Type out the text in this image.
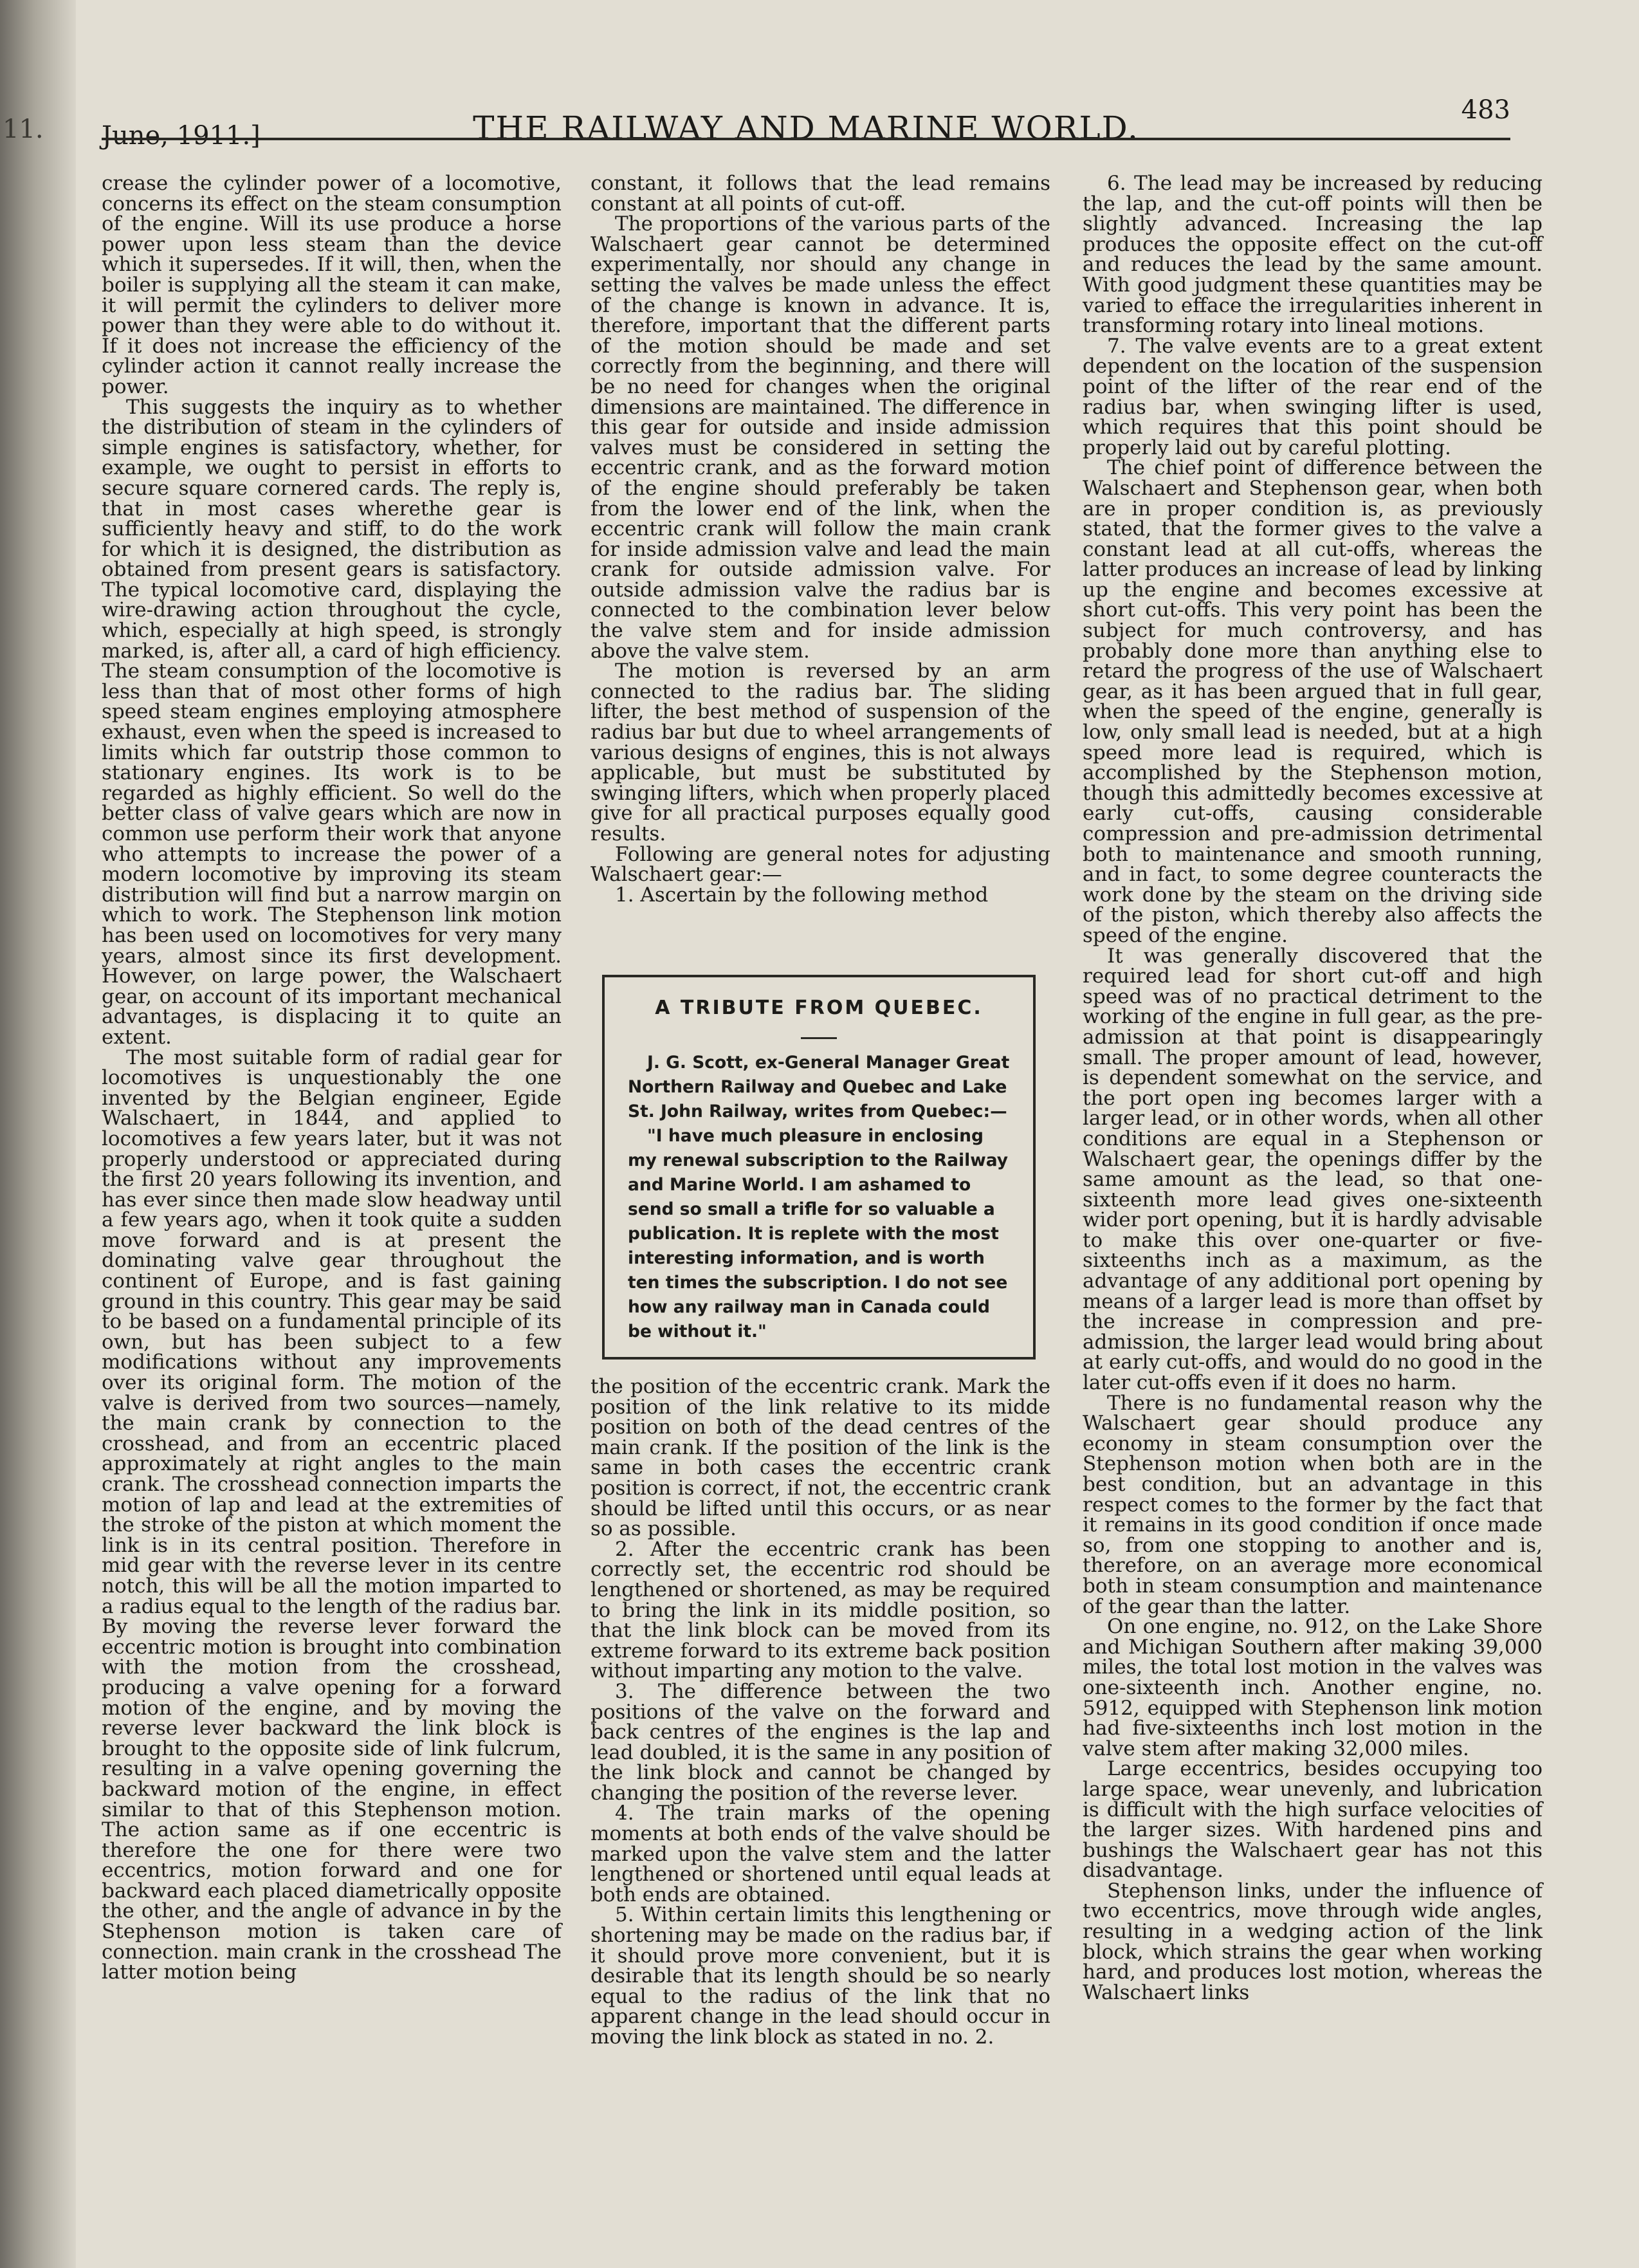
11. June, 1911.]	THE RAILWAY AND MARINE WORLD.	483

crease the cylinder power of a locomotive, concerns its effect on the steam consumption of the engine. Will its use produce a horse power upon less steam than the device which it supersedes. If it will, then, when the boiler is supplying all the steam it can make, it will permit the cylinders to deliver more power than they were able to do without it. If it does not increase the efficiency of the cylinder action it cannot really increase the power.

This suggests the inquiry as to whether the distribution of steam in the cylinders of simple engines is satisfactory, whether, for example, we ought to persist in efforts to secure square cornered cards. The reply is, that in most cases wherethe gear is sufficiently heavy and stiff, to do the work for which it is designed, the distribution as obtained from present gears is satisfactory. The typical locomotive card, displaying the wire-drawing action throughout the cycle, which, especially at high speed, is strongly marked, is, after all, a card of high efficiency. The steam consumption of the locomotive is less than that of most other forms of high speed steam engines employing atmosphere exhaust, even when the speed is increased to limits which far outstrip those common to stationary engines. Its work is to be regarded as highly efficient. So well do the better class of valve gears which are now in common use perform their work that anyone who attempts to increase the power of a modern locomotive by improving its steam distribution will find but a narrow margin on which to work. The Stephenson link motion has been used on locomotives for very many years, almost since its first development. However, on large power, the Walschaert gear, on account of its important mechanical advantages, is displacing it to quite an extent.

The most suitable form of radial gear for locomotives is unquestionably the one invented by the Belgian engineer, Egide Walschaert, in 1844, and applied to locomotives a few years later, but it was not properly understood or appreciated during the first 20 years following its invention, and has ever since then made slow headway until a few years ago, when it took quite a sudden move forward and is at present the dominating valve gear throughout the continent of Europe, and is fast gaining ground in this country. This gear may be said to be based on a fundamental principle of its own, but has been subject to a few modifications without any improvements over its original form. The motion of the valve is derived from two sources—namely, the main crank by connection to the crosshead, and from an eccentric placed approximately at right angles to the main crank. The crosshead connection imparts the motion of lap and lead at the extremities of the stroke of the piston at which moment the link is in its central position. Therefore in mid gear with the reverse lever in its centre notch, this will be all the motion imparted to a radius equal to the length of the radius bar. By moving the reverse lever forward the eccentric motion is brought into combination with the motion from the crosshead, producing a valve opening for a forward motion of the engine, and by moving the reverse lever backward the link block is brought to the opposite side of link fulcrum, resulting in a valve opening governing the backward motion of the engine, in effect similar to that of this Stephenson motion. The action same as if one eccentric is therefore the one for there were two eccentrics, motion forward and one for backward each placed diametrically opposite the other, and the angle of advance in by the Stephenson motion is taken care of connection. main crank in the crosshead The latter motion being

constant, it follows that the lead remains constant at all points of cut-off.

The proportions of the various parts of the Walschaert gear cannot be determined experimentally, nor should any change in setting the valves be made unless the effect of the change is known in advance. It is, therefore, important that the different parts of the motion should be made and set correctly from the beginning, and there will be no need for changes when the original dimensions are maintained. The difference in this gear for outside and inside admission valves must be considered in setting the eccentric crank, and as the forward motion of the engine should preferably be taken from the lower end of the link, when the eccentric crank will follow the main crank for inside admission valve and lead the main crank for outside admission valve. For outside admission valve the radius bar is connected to the combination lever below the valve stem and for inside admission above the valve stem.

The motion is reversed by an arm connected to the radius bar. The sliding lifter, the best method of suspension of the radius bar but due to wheel arrangements of various designs of engines, this is not always applicable, but must be substituted by swinging lifters, which when properly placed give for all practical purposes equally good results.

Following are general notes for adjusting Walschaert gear:—

1. Ascertain by the following method

A TRIBUTE FROM QUEBEC.

J. G. Scott, ex-General Manager Great Northern Railway and Quebec and Lake St. John Railway, writes from Quebec:—

"I have much pleasure in enclosing my renewal subscription to the Railway and Marine World. I am ashamed to send so small a trifle for so valuable a publication. It is replete with the most interesting information, and is worth ten times the subscription. I do not see how any railway man in Canada could be without it."

the position of the eccentric crank. Mark the position of the link relative to its midde position on both of the dead centres of the main crank. If the position of the link is the same in both cases the eccentric crank position is correct, if not, the eccentric crank should be lifted until this occurs, or as near so as possible.

2. After the eccentric crank has been correctly set, the eccentric rod should be lengthened or shortened, as may be required to bring the link in its middle position, so that the link block can be moved from its extreme forward to its extreme back position without imparting any motion to the valve.

3. The difference between the two positions of the valve on the forward and back centres of the engines is the lap and lead doubled, it is the same in any position of the link block and cannot be changed by changing the position of the reverse lever.

4. The train marks of the opening moments at both ends of the valve should be marked upon the valve stem and the latter lengthened or shortened until equal leads at both ends are obtained.

5. Within certain limits this lengthening or shortening may be made on the radius bar, if it should prove more convenient, but it is desirable that its length should be so nearly equal to the radius of the link that no apparent change in the lead should occur in moving the link block as stated in no. 2.

6. The lead may be increased by reducing the lap, and the cut-off points will then be slightly advanced. Increasing the lap produces the opposite effect on the cut-off and reduces the lead by the same amount. With good judgment these quantities may be varied to efface the irregularities inherent in transforming rotary into lineal motions.

7. The valve events are to a great extent dependent on the location of the suspension point of the lifter of the rear end of the radius bar, when swinging lifter is used, which requires that this point should be properly laid out by careful plotting.

The chief point of difference between the Walschaert and Stephenson gear, when both are in proper condition is, as previously stated, that the former gives to the valve a constant lead at all cut-offs, whereas the latter produces an increase of lead by linking up the engine and becomes excessive at short cut-offs. This very point has been the subject for much controversy, and has probably done more than anything else to retard the progress of the use of Walschaert gear, as it has been argued that in full gear, when the speed of the engine, generally is low, only small lead is needed, but at a high speed more lead is required, which is accomplished by the Stephenson motion, though this admittedly becomes excessive at early cut-offs, causing considerable compression and pre-admission detrimental both to maintenance and smooth running, and in fact, to some degree counteracts the work done by the steam on the driving side of the piston, which thereby also affects the speed of the engine.

It was generally discovered that the required lead for short cut-off and high speed was of no practical detriment to the working of the engine in full gear, as the pre-admission at that point is disappearingly small. The proper amount of lead, however, is dependent somewhat on the service, and the port open ing becomes larger with a larger lead, or in other words, when all other conditions are equal in a Stephenson or Walschaert gear, the openings differ by the same amount as the lead, so that one-sixteenth more lead gives one-sixteenth wider port opening, but it is hardly advisable to make this over one-quarter or five-sixteenths inch as a maximum, as the advantage of any additional port opening by means of a larger lead is more than offset by the increase in compression and pre-admission, the larger lead would bring about at early cut-offs, and would do no good in the later cut-offs even if it does no harm.

There is no fundamental reason why the Walschaert gear should produce any economy in steam consumption over the Stephenson motion when both are in the best condition, but an advantage in this respect comes to the former by the fact that it remains in its good condition if once made so, from one stopping to another and is, therefore, on an average more economical both in steam consumption and maintenance of the gear than the latter.

On one engine, no. 912, on the Lake Shore and Michigan Southern after making 39,000 miles, the total lost motion in the valves was one-sixteenth inch. Another engine, no. 5912, equipped with Stephenson link motion had five-sixteenths inch lost motion in the valve stem after making 32,000 miles.

Large eccentrics, besides occupying too large space, wear unevenly, and lubrication is difficult with the high surface velocities of the larger sizes. With hardened pins and bushings the Walschaert gear has not this disadvantage.

Stephenson links, under the influence of two eccentrics, move through wide angles, resulting in a wedging action of the link block, which strains the gear when working hard, and produces lost motion, whereas the Walschaert links
